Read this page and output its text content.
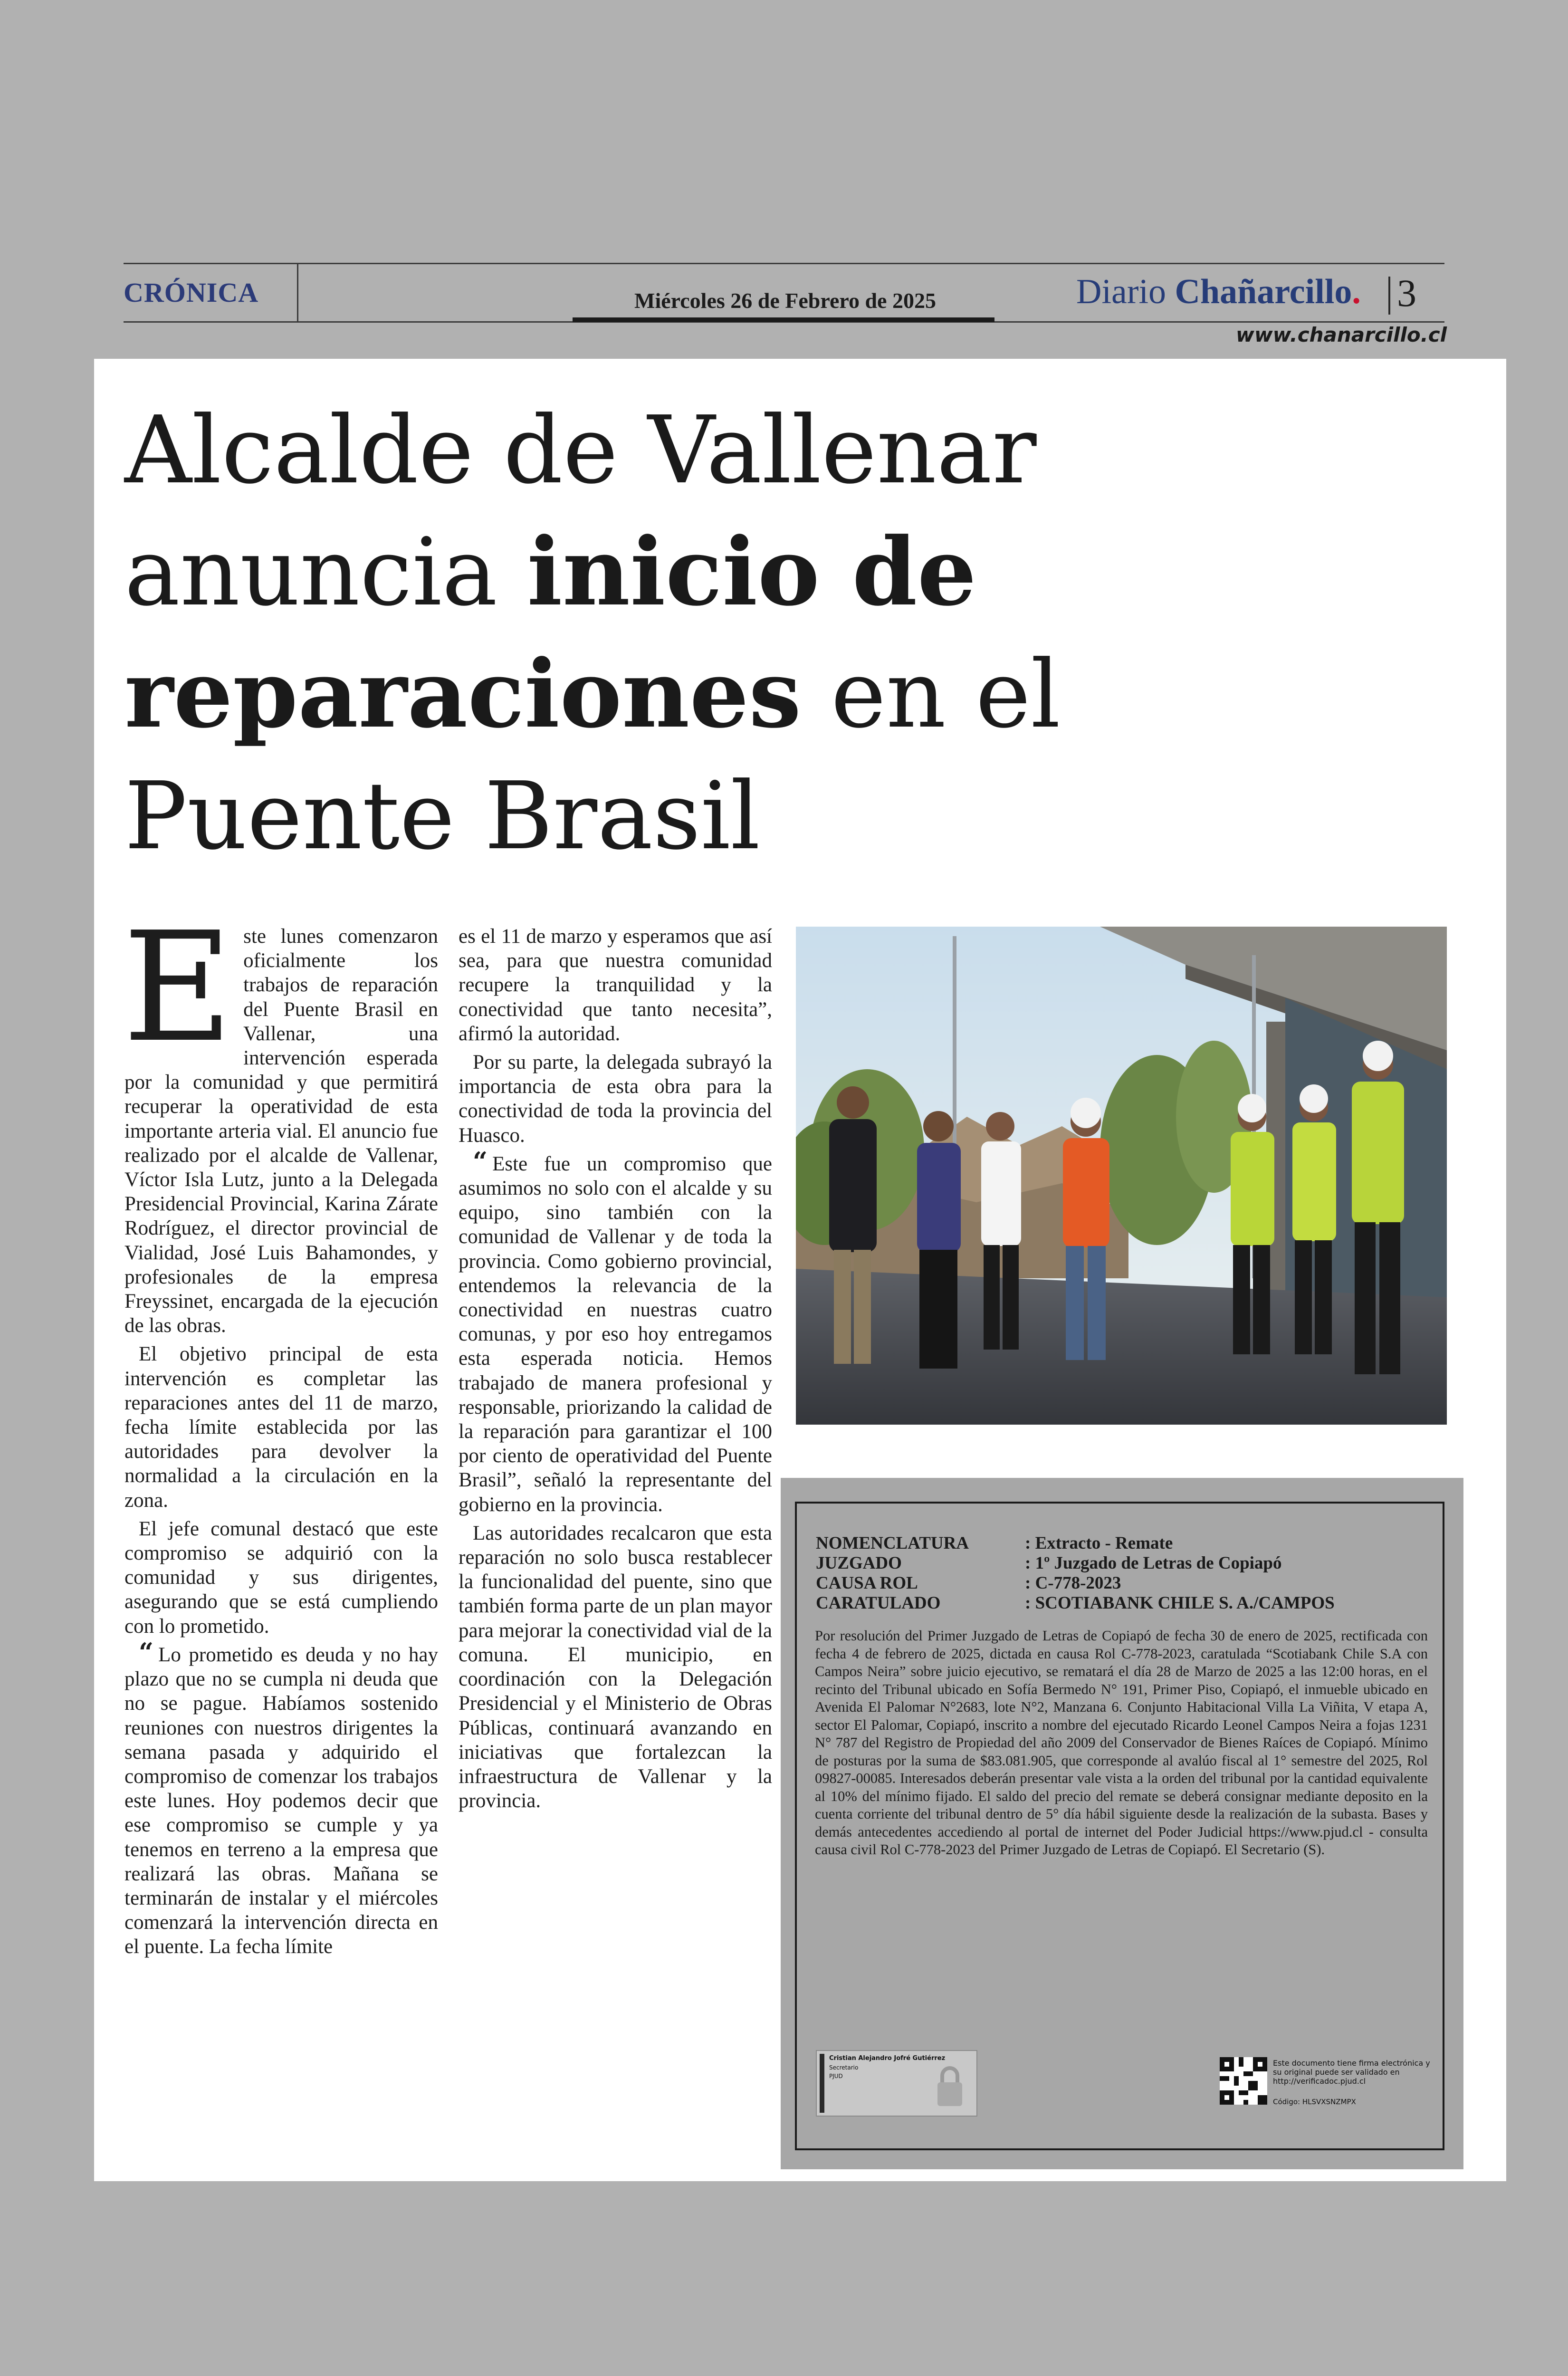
CRÓNICA	Miércoles 26 de Febrero de 2025	Diario Chañarcillo. 3
www.chanarcillo.cl
Alcalde de Vallenar
anuncia inicio de
reparaciones en el
Puente Brasil

Este lunes comenzaron oficialmente los trabajos de reparación del Puente Brasil en Vallenar, una intervención esperada por la comunidad y que permitirá recuperar la operatividad de esta importante arteria vial. El anuncio fue realizado por el alcalde de Vallenar, Víctor Isla Lutz, junto a la Delegada Presidencial Provincial, Karina Zárate Rodríguez, el director provincial de Vialidad, José Luis Bahamondes, y profesionales de la empresa Freyssinet, encargada de la ejecución de las obras.

El objetivo principal de esta intervención es completar las reparaciones antes del 11 de marzo, fecha límite establecida por las autoridades para devolver la normalidad a la circulación en la zona.

El jefe comunal destacó que este compromiso se adquirió con la comunidad y sus dirigentes, asegurando que se está cumpliendo con lo prometido.

“ Lo prometido es deuda y no hay plazo que no se cumpla ni deuda que no se pague. Habíamos sostenido reuniones con nuestros dirigentes la semana pasada y adquirido el compromiso de comenzar los trabajos este lunes. Hoy podemos decir que ese compromiso se cumple y ya tenemos en terreno a la empresa que realizará las obras. Mañana se terminarán de instalar y el miércoles comenzará la intervención directa en el puente. La fecha límite

es el 11 de marzo y esperamos que así sea, para que nuestra comunidad recupere la tranquilidad y la conectividad que tanto necesita”, afirmó la autoridad.

Por su parte, la delegada subrayó la importancia de esta obra para la conectividad de toda la provincia del Huasco.

“ Este fue un compromiso que asumimos no solo con el alcalde y su equipo, sino también con la comunidad de Vallenar y de toda la provincia. Como gobierno provincial, entendemos la relevancia de la conectividad en nuestras cuatro comunas, y por eso hoy entregamos esta esperada noticia. Hemos trabajado de manera profesional y responsable, priorizando la calidad de la reparación para garantizar el 100 por ciento de operatividad del Puente Brasil”, señaló la representante del gobierno en la provincia.

Las autoridades recalcaron que esta reparación no solo busca restablecer la funcionalidad del puente, sino que también forma parte de un plan mayor para mejorar la conectividad vial de la comuna. El municipio, en coordinación con la Delegación Presidencial y el Ministerio de Obras Públicas, continuará avanzando en iniciativas que fortalezcan la infraestructura de Vallenar y la provincia.

NOMENCLATURA	: Extracto - Remate
JUZGADO	: 1º Juzgado de Letras de Copiapó
CAUSA ROL	: C-778-2023
CARATULADO	: SCOTIABANK CHILE S. A./CAMPOS

Por resolución del Primer Juzgado de Letras de Copiapó de fecha 30 de enero de 2025, rectificada con fecha 4 de febrero de 2025, dictada en causa Rol C-778-2023, caratulada “Scotiabank Chile S.A con Campos Neira” sobre juicio ejecutivo, se rematará el día 28 de Marzo de 2025 a las 12:00 horas, en el recinto del Tribunal ubicado en Sofía Bermedo N° 191, Primer Piso, Copiapó, el inmueble ubicado en Avenida El Palomar N°2683, lote N°2, Manzana 6. Conjunto Habitacional Villa La Viñita, V etapa A, sector El Palomar, Copiapó, inscrito a nombre del ejecutado Ricardo Leonel Campos Neira a fojas 1231 N° 787 del Registro de Propiedad del año 2009 del Conservador de Bienes Raíces de Copiapó. Mínimo de posturas por la suma de $83.081.905, que corresponde al avalúo fiscal al 1° semestre del 2025, Rol 09827-00085. Interesados deberán presentar vale vista a la orden del tribunal por la cantidad equivalente al 10% del mínimo fijado. El saldo del precio del remate se deberá consignar mediante deposito en la cuenta corriente del tribunal dentro de 5° día hábil siguiente desde la realización de la subasta. Bases y demás antecedentes accediendo al portal de internet del Poder Judicial https://www.pjud.cl - consulta causa civil Rol C-778-2023 del Primer Juzgado de Letras de Copiapó. El Secretario (S).

Cristian Alejandro Jofré Gutiérrez
Secretario
PJUD
Este documento tiene firma electrónica y su original puede ser validado en http://verificadoc.pjud.cl
Código: HLSVXSNZMPX
